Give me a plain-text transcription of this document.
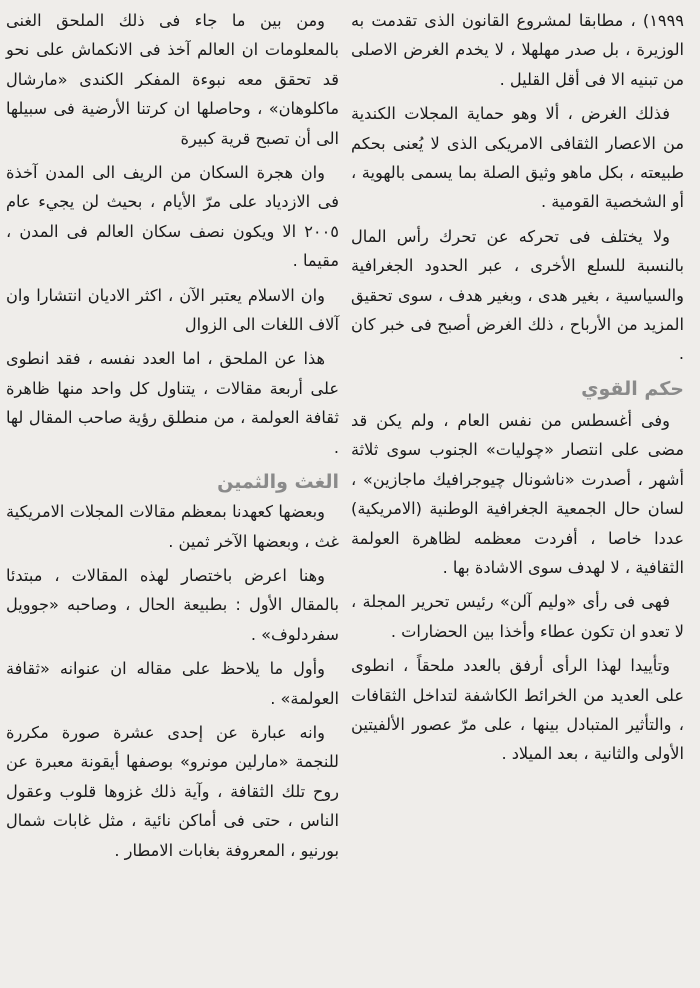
١٩٩٩) ، مطابقا لمشروع القانون الذى تقدمت به الوزيرة ، بل صدر مهلهلا ، لا يخدم الغرض الاصلى من تبنيه الا فى أقل القليل .

فذلك الغرض ، ألا وهو حماية المجلات الكندية من الاعصار الثقافى الامريكى الذى لا يُعنى بحكم طبيعته ، بكل ماهو وثيق الصلة بما يسمى بالهوية ، أو الشخصية القومية .

ولا يختلف فى تحركه عن تحرك رأس المال بالنسبة للسلع الأخرى ، عبر الحدود الجغرافية والسياسية ، بغير هدى ، وبغير هدف ، سوى تحقيق المزيد من الأرباح ، ذلك الغرض أصبح فى خبر كان .

حكم القوي

وفى أغسطس من نفس العام ، ولم يكن قد مضى على انتصار «چوليات» الجنوب سوى ثلاثة أشهر ، أصدرت «ناشونال چيوجرافيك ماجازين» ، لسان حال الجمعية الجغرافية الوطنية (الامريكية) عددا خاصا ، أفردت معظمه لظاهرة العولمة الثقافية ، لا لهدف سوى الاشادة بها .

فهى فى رأى «وليم آلن» رئيس تحرير المجلة ، لا تعدو ان تكون عطاء وأخذا بين الحضارات .

وتأييدا لهذا الرأى أرفق بالعدد ملحقاً ، انطوى على العديد من الخرائط الكاشفة لتداخل الثقافات ، والتأثير المتبادل بينها ، على مرّ عصور الألفيتين الأولى والثانية ، بعد الميلاد .

ومن بين ما جاء فى ذلك الملحق الغنى بالمعلومات ان العالم آخذ فى الانكماش على نحو قد تحقق معه نبوءة المفكر الكندى «مارشال ماكلوهان» ، وحاصلها ان كرتنا الأرضية فى سبيلها الى أن تصبح قرية كبيرة

وان هجرة السكان من الريف الى المدن آخذة فى الازدياد على مرّ الأيام ، بحيث لن يجيء عام ٢٠٠٥ الا ويكون نصف سكان العالم فى المدن ، مقيما .

وان الاسلام يعتبر الآن ، اكثر الاديان انتشارا وان آلاف اللغات الى الزوال

هذا عن الملحق ، اما العدد نفسه ، فقد انطوى على أربعة مقالات ، يتناول كل واحد منها ظاهرة ثقافة العولمة ، من منطلق رؤية صاحب المقال لها .

الغث والثمين

وبعضها كعهدنا بمعظم مقالات المجلات الامريكية غث ، وبعضها الآخر ثمين .

وهنا اعرض باختصار لهذه المقالات ، مبتدئا بالمقال الأول : بطبيعة الحال ، وصاحبه «جوويل سفردلوف» .

وأول ما يلاحظ على مقاله ان عنوانه «ثقافة العولمة» .

وانه عبارة عن إحدى عشرة صورة مكررة للنجمة «مارلين مونرو» بوصفها أيقونة معبرة عن روح تلك الثقافة ، وآية ذلك غزوها قلوب وعقول الناس ، حتى فى أماكن نائية ، مثل غابات شمال بورنيو ، المعروفة بغابات الامطار .
